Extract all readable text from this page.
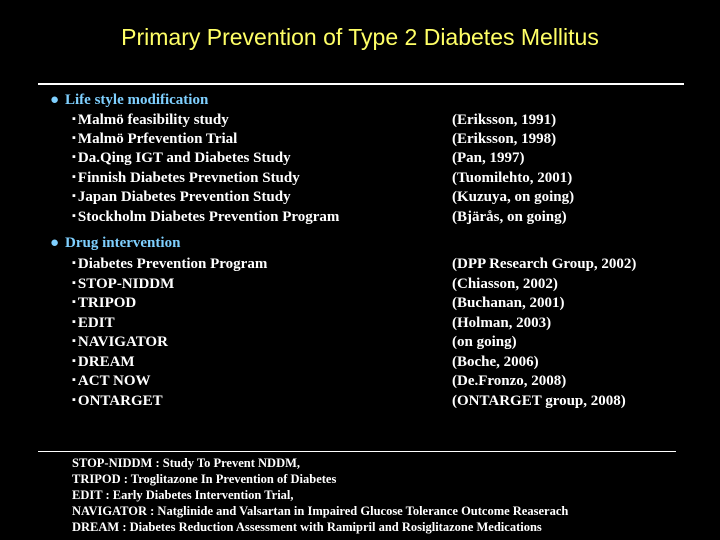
Primary Prevention of Type 2 Diabetes Mellitus
● Life style modification
▪ Malmö feasibility study
▪ Malmö Prfevention Trial
▪ Da.Qing IGT and Diabetes Study
▪ Finnish Diabetes Prevnetion Study
▪ Japan Diabetes Prevention Study
▪ Stockholm Diabetes Prevention Program
(Eriksson, 1991)
(Eriksson, 1998)
(Pan, 1997)
(Tuomilehto, 2001)
(Kuzuya, on going)
(Bjärås, on going)
● Drug intervention
▪ Diabetes Prevention Program
▪ STOP-NIDDM
▪ TRIPOD
▪ EDIT
▪ NAVIGATOR
▪ DREAM
▪ ACT NOW
▪ ONTARGET
(DPP Research Group, 2002)
(Chiasson, 2002)
(Buchanan, 2001)
(Holman, 2003)
(on going)
(Boche, 2006)
(De.Fronzo, 2008)
(ONTARGET group, 2008)
STOP-NIDDM : Study To Prevent NDDM,
TRIPOD : Troglitazone In Prevention of Diabetes
EDIT : Early Diabetes Intervention Trial,
NAVIGATOR : Natglinide and Valsartan in Impaired Glucose Tolerance Outcome Reaserach
DREAM : Diabetes Reduction Assessment with Ramipril and Rosiglitazone Medications
